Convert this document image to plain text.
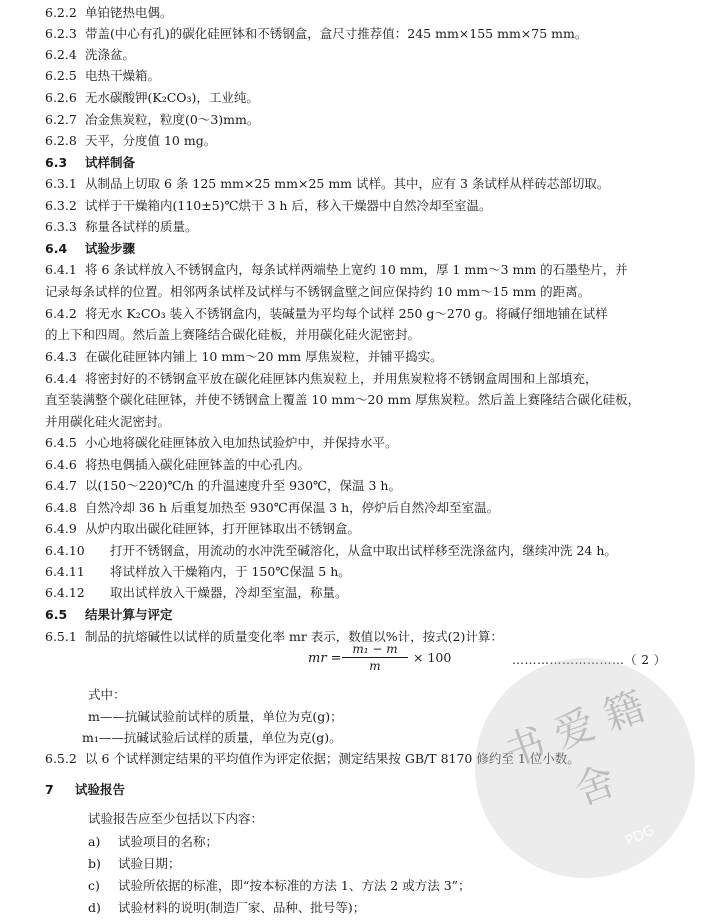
6.2.2 单铂铑热电偶。
6.2.3 带盖(中心有孔)的碳化硅匣钵和不锈钢盒，盒尺寸推荐值：245 mm×155 mm×75 mm。
6.2.4 洗涤盆。
6.2.5 电热干燥箱。
6.2.6 无水碳酸钾(K₂CO₃)，工业纯。
6.2.7 冶金焦炭粒，粒度(0～3)mm。
6.2.8 天平，分度值 10 mg。
6.3 试样制备
6.3.1 从制品上切取 6 条 125 mm×25 mm×25 mm 试样。其中，应有 3 条试样从样砖芯部切取。
6.3.2 试样于干燥箱内(110±5)℃烘干 3 h 后，移入干燥器中自然冷却至室温。
6.3.3 称量各试样的质量。
6.4 试验步骤
6.4.1 将 6 条试样放入不锈钢盒内，每条试样两端垫上宽约 10 mm，厚 1 mm～3 mm 的石墨垫片，并
记录每条试样的位置。相邻两条试样及试样与不锈钢盒壁之间应保持约 10 mm～15 mm 的距离。
6.4.2 将无水 K₂CO₃ 装入不锈钢盒内，装碱量为平均每个试样 250 g～270 g。将碱仔细地铺在试样
的上下和四周。然后盖上赛隆结合碳化硅板，并用碳化硅火泥密封。
6.4.3 在碳化硅匣钵内铺上 10 mm～20 mm 厚焦炭粒，并铺平捣实。
6.4.4 将密封好的不锈钢盒平放在碳化硅匣钵内焦炭粒上，并用焦炭粒将不锈钢盒周围和上部填充，
直至装满整个碳化硅匣钵，并使不锈钢盒上覆盖 10 mm～20 mm 厚焦炭粒。然后盖上赛隆结合碳化硅板，
并用碳化硅火泥密封。
6.4.5 小心地将碳化硅匣钵放入电加热试验炉中，并保持水平。
6.4.6 将热电偶插入碳化硅匣钵盖的中心孔内。
6.4.7 以(150～220)℃/h 的升温速度升至 930℃，保温 3 h。
6.4.8 自然冷却 36 h 后重复加热至 930℃再保温 3 h，停炉后自然冷却至室温。
6.4.9 从炉内取出碳化硅匣钵，打开匣钵取出不锈钢盒。
6.4.10 打开不锈钢盒，用流动的水冲洗至碱溶化，从盒中取出试样移至洗涤盆内，继续冲洗 24 h。
6.4.11 将试样放入干燥箱内，于 150℃保温 5 h。
6.4.12 取出试样放入干燥器，冷却至室温，称量。
6.5 结果计算与评定
6.5.1 制品的抗熔碱性以试样的质量变化率 mr 表示，数值以%计，按式(2)计算：
mr = $\frac{\text{m₁ − m}}{m} \times 100$	………………………（ 2 ）
式中：
m——抗碱试验前试样的质量，单位为克(g)；
m₁——抗碱试验后试样的质量，单位为克(g)。
6.5.2 以 6 个试样测定结果的平均值作为评定依据；测定结果按 GB/T 8170 修约至 1 位小数。
7 试验报告
试验报告应至少包括以下内容：
a) 试验项目的名称；
b) 试验日期；
c) 试验所依据的标准，即“按本标准的方法 1、方法 2 或方法 3”；
d) 试验材料的说明(制造厂家、品种、批号等)；
书 爱 籍 舍
PDG
